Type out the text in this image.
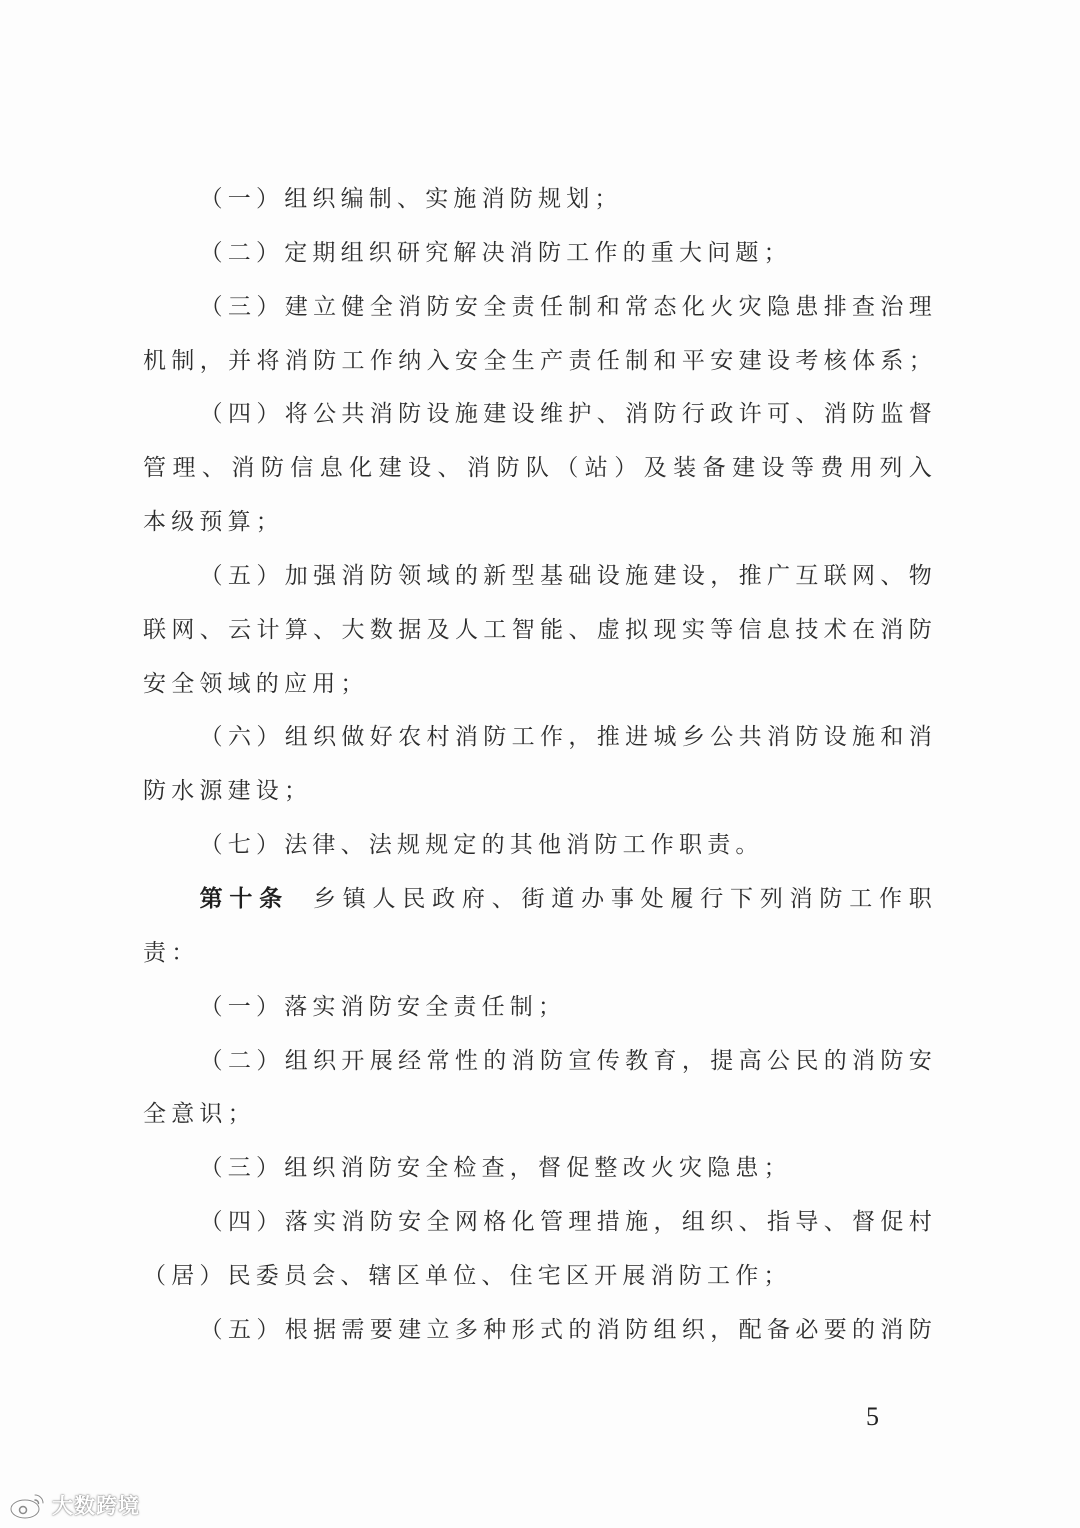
（一）组织编制、实施消防规划；
（二）定期组织研究解决消防工作的重大问题；
（三）建立健全消防安全责任制和常态化火灾隐患排查治理
机制，并将消防工作纳入安全生产责任制和平安建设考核体系；
（四）将公共消防设施建设维护、消防行政许可、消防监督
管理、消防信息化建设、消防队（站）及装备建设等费用列入
本级预算；
（五）加强消防领域的新型基础设施建设，推广互联网、物
联网、云计算、大数据及人工智能、虚拟现实等信息技术在消防
安全领域的应用；
（六）组织做好农村消防工作，推进城乡公共消防设施和消
防水源建设；
（七）法律、法规规定的其他消防工作职责。
第十条 乡镇人民政府、街道办事处履行下列消防工作职
责：
（一）落实消防安全责任制；
（二）组织开展经常性的消防宣传教育，提高公民的消防安
全意识；
（三）组织消防安全检查，督促整改火灾隐患；
（四）落实消防安全网格化管理措施，组织、指导、督促村
（居）民委员会、辖区单位、住宅区开展消防工作；
（五）根据需要建立多种形式的消防组织，配备必要的消防
5
大数跨境
